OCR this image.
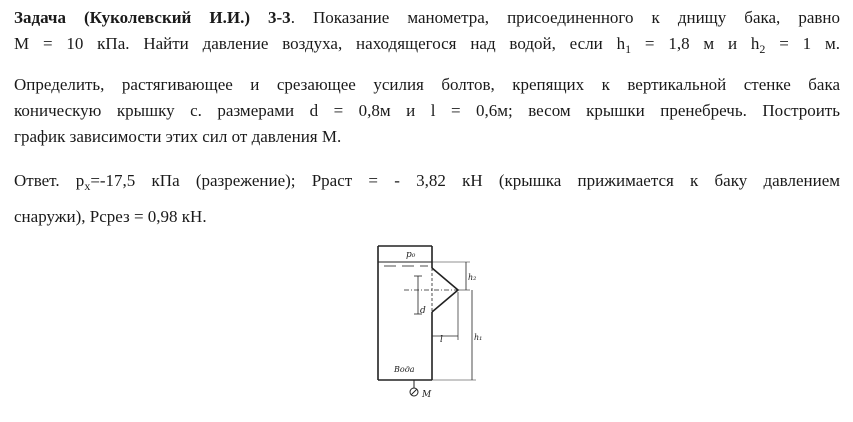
Задача (Куколевский И.И.) 3-3. Показание манометра, присоединенного к днищу бака, равно
М = 10 кПа. Найти давление воздуха, находящегося над водой, если $h_1 = 1,8$ м и $h_2 = 1$ м.

Определить, растягивающее и срезающее усилия болтов, крепящих к вертикальной стенке бака
коническую крышку с. размерами d = 0,8м и l = 0,6м; весом крышки пренебречь. Построить
график зависимости этих сил от давления М.

Ответ. $p_x=-17,5$ кПа (разрежение); Рраст = - 3,82 кН (крышка прижимается к баку давлением
снаружи), Рсрез = 0,98 кН.

p₀
h₂
h₁
d
l
Вода
М
